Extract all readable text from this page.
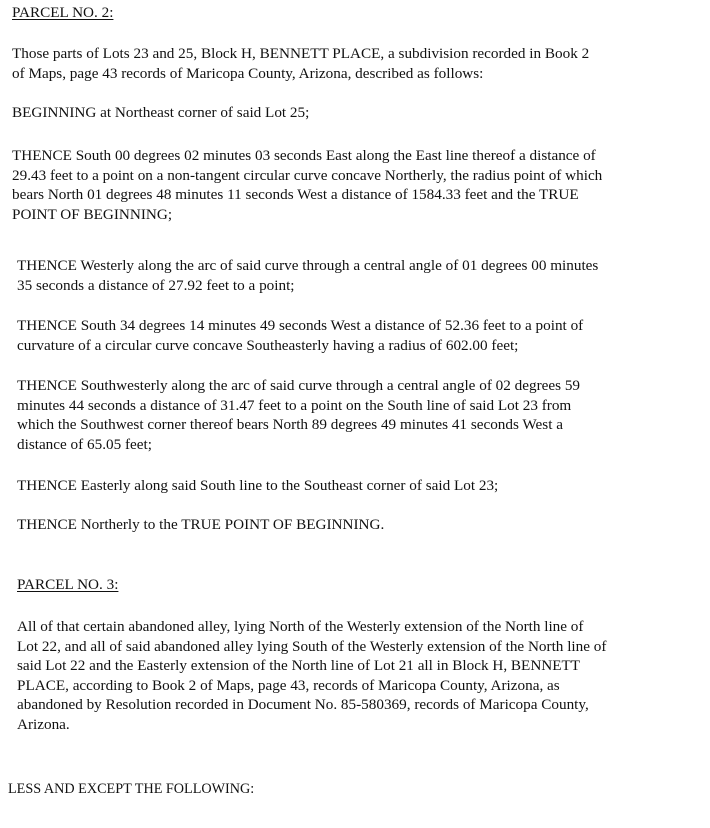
PARCEL NO. 2:
Those parts of Lots 23 and 25, Block H, BENNETT PLACE, a subdivision recorded in Book 2
of Maps, page 43 records of Maricopa County, Arizona, described as follows:
BEGINNING at Northeast corner of said Lot 25;
THENCE South 00 degrees 02 minutes 03 seconds East along the East line thereof a distance of
29.43 feet to a point on a non-tangent circular curve concave Northerly, the radius point of which
bears North 01 degrees 48 minutes 11 seconds West a distance of 1584.33 feet and the TRUE
POINT OF BEGINNING;
THENCE Westerly along the arc of said curve through a central angle of 01 degrees 00 minutes
35 seconds a distance of 27.92 feet to a point;
THENCE South 34 degrees 14 minutes 49 seconds West a distance of 52.36 feet to a point of
curvature of a circular curve concave Southeasterly having a radius of 602.00 feet;
THENCE Southwesterly along the arc of said curve through a central angle of 02 degrees 59
minutes 44 seconds a distance of 31.47 feet to a point on the South line of said Lot 23 from
which the Southwest corner thereof bears North 89 degrees 49 minutes 41 seconds West a
distance of 65.05 feet;
THENCE Easterly along said South line to the Southeast corner of said Lot 23;
THENCE Northerly to the TRUE POINT OF BEGINNING.
PARCEL NO. 3:
All of that certain abandoned alley, lying North of the Westerly extension of the North line of
Lot 22, and all of said abandoned alley lying South of the Westerly extension of the North line of
said Lot 22 and the Easterly extension of the North line of Lot 21 all in Block H, BENNETT
PLACE, according to Book 2 of Maps, page 43, records of Maricopa County, Arizona, as
abandoned by Resolution recorded in Document No. 85-580369, records of Maricopa County,
Arizona.
LESS AND EXCEPT THE FOLLOWING:
